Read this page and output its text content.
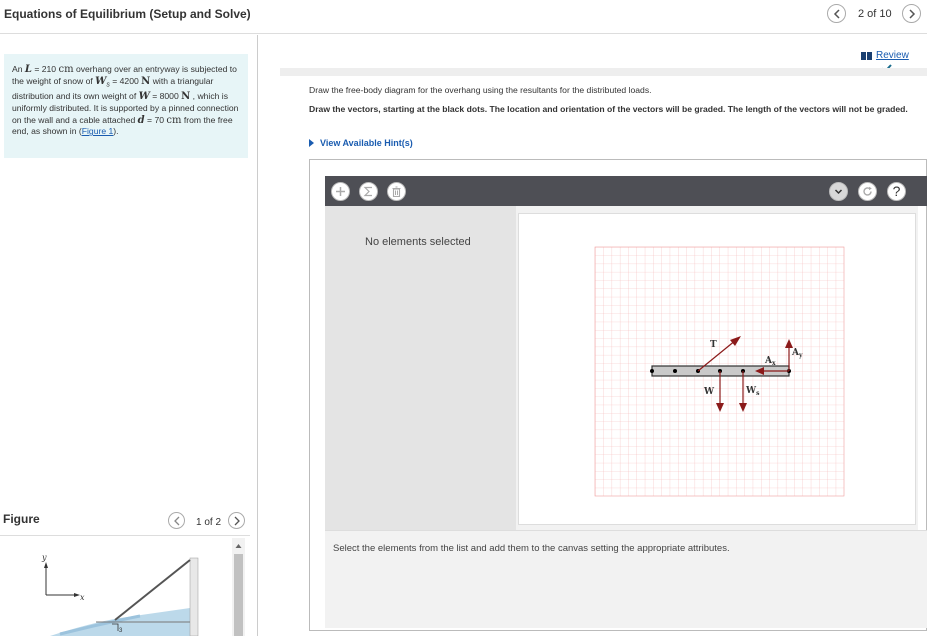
Equations of Equilibrium (Setup and Solve)	2 of 10
An L = 210 cm overhang over an entryway is subjected to the weight of snow of $W_s = 4200$ N with a triangular distribution and its own weight of W = 8000 N , which is uniformly distributed. It is supported by a pinned connection on the wall and a cable attached d = 70 cm from the free end, as shown in (Figure 1).
Figure	1 of 2
y
x
3
Review
Draw the free-body diagram for the overhang using the resultants for the distributed loads.
Draw the vectors, starting at the black dots. The location and orientation of the vectors will be graded. The length of the vectors will not be graded.
View Available Hint(s)
?
No elements selected
T
W	$W_s$
$A_x$
$A_y$
Select the elements from the list and add them to the canvas setting the appropriate attributes.
